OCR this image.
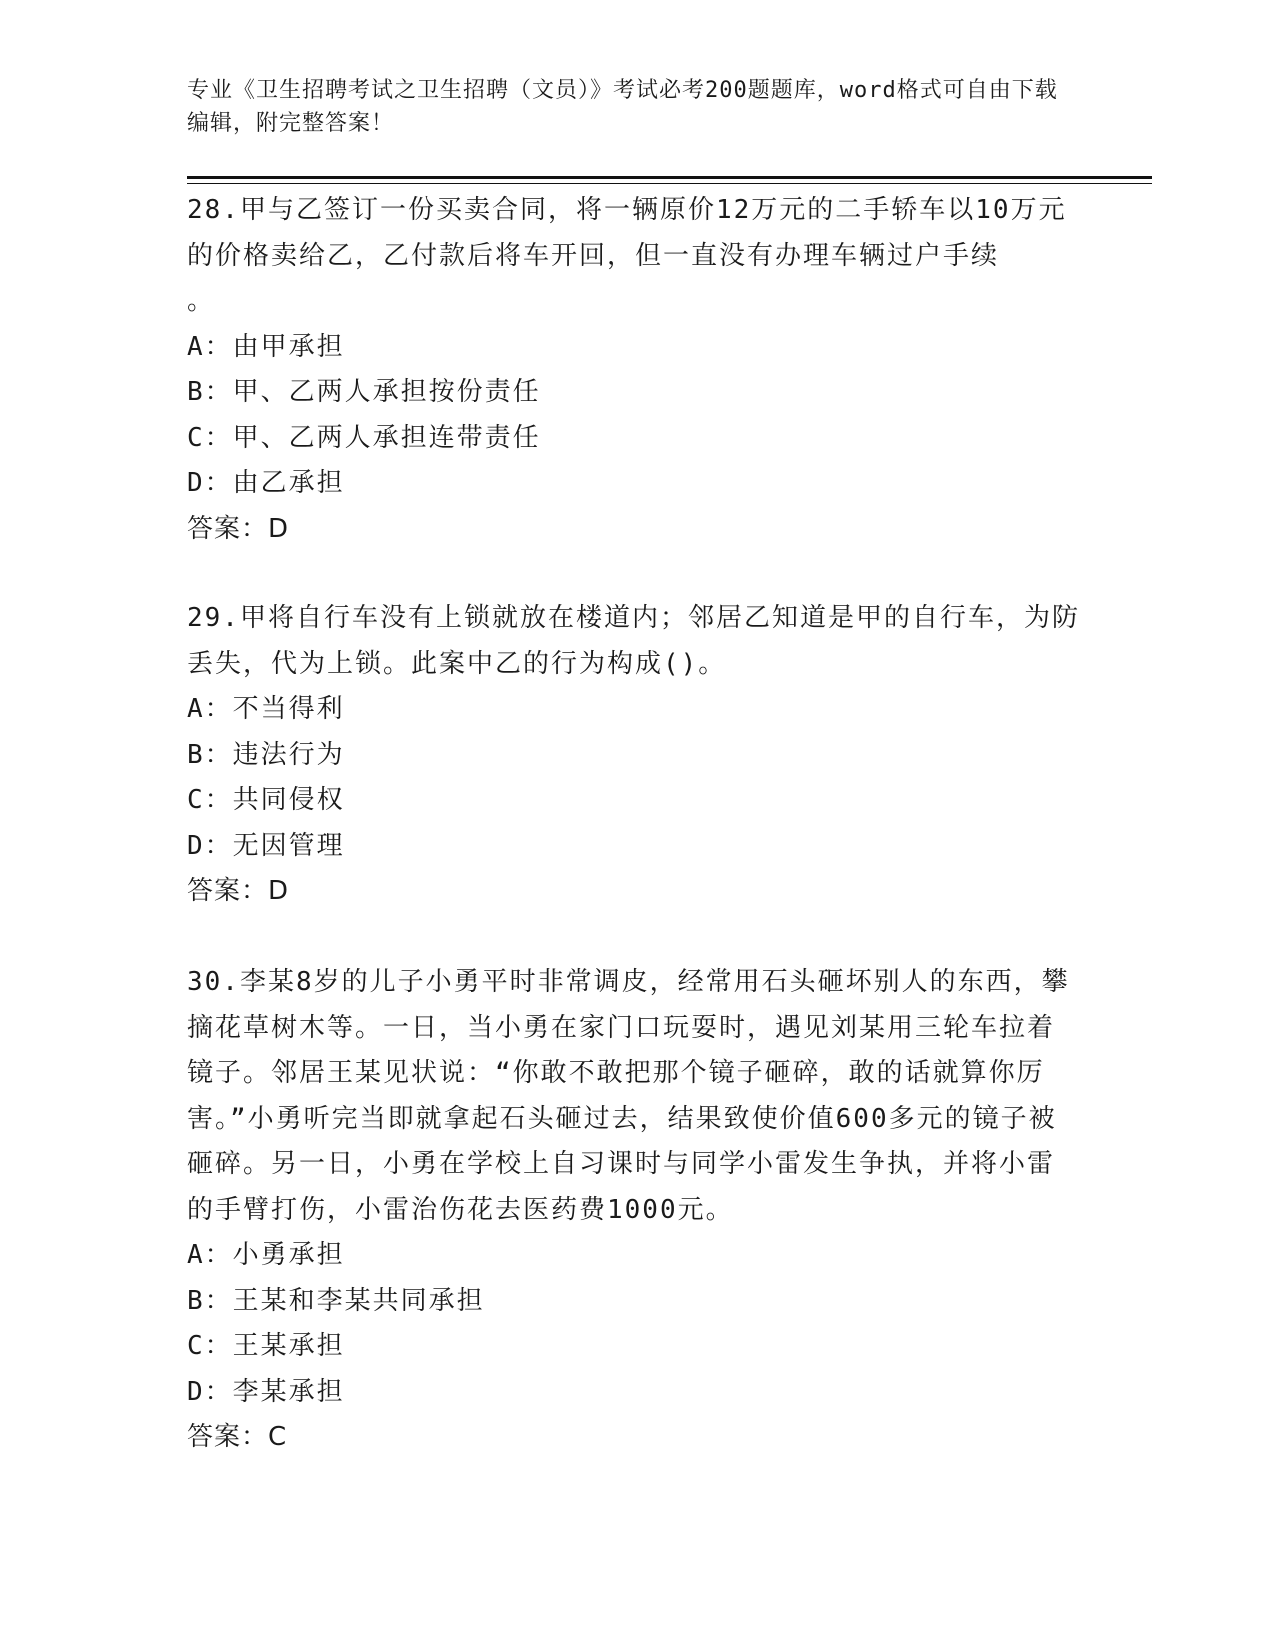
专业《卫生招聘考试之卫生招聘（文员）》考试必考200题题库，word格式可自由下载编辑，附完整答案！

28.甲与乙签订一份买卖合同，将一辆原价12万元的二手轿车以10万元的价格卖给乙，乙付款后将车开回，但一直没有办理车辆过户手续

。

A：由甲承担

B：甲、乙两人承担按份责任

C：甲、乙两人承担连带责任

D：由乙承担

答案：D

29.甲将自行车没有上锁就放在楼道内；邻居乙知道是甲的自行车，为防丢失，代为上锁。此案中乙的行为构成()。

A：不当得利

B：违法行为

C：共同侵权

D：无因管理

答案：D

30.李某8岁的儿子小勇平时非常调皮，经常用石头砸坏别人的东西，攀摘花草树木等。一日，当小勇在家门口玩耍时，遇见刘某用三轮车拉着镜子。邻居王某见状说：“你敢不敢把那个镜子砸碎，敢的话就算你厉害。”小勇听完当即就拿起石头砸过去，结果致使价值600多元的镜子被砸碎。另一日，小勇在学校上自习课时与同学小雷发生争执，并将小雷的手臂打伤，小雷治伤花去医药费1000元。

A：小勇承担

B：王某和李某共同承担

C：王某承担

D：李某承担

答案：C
